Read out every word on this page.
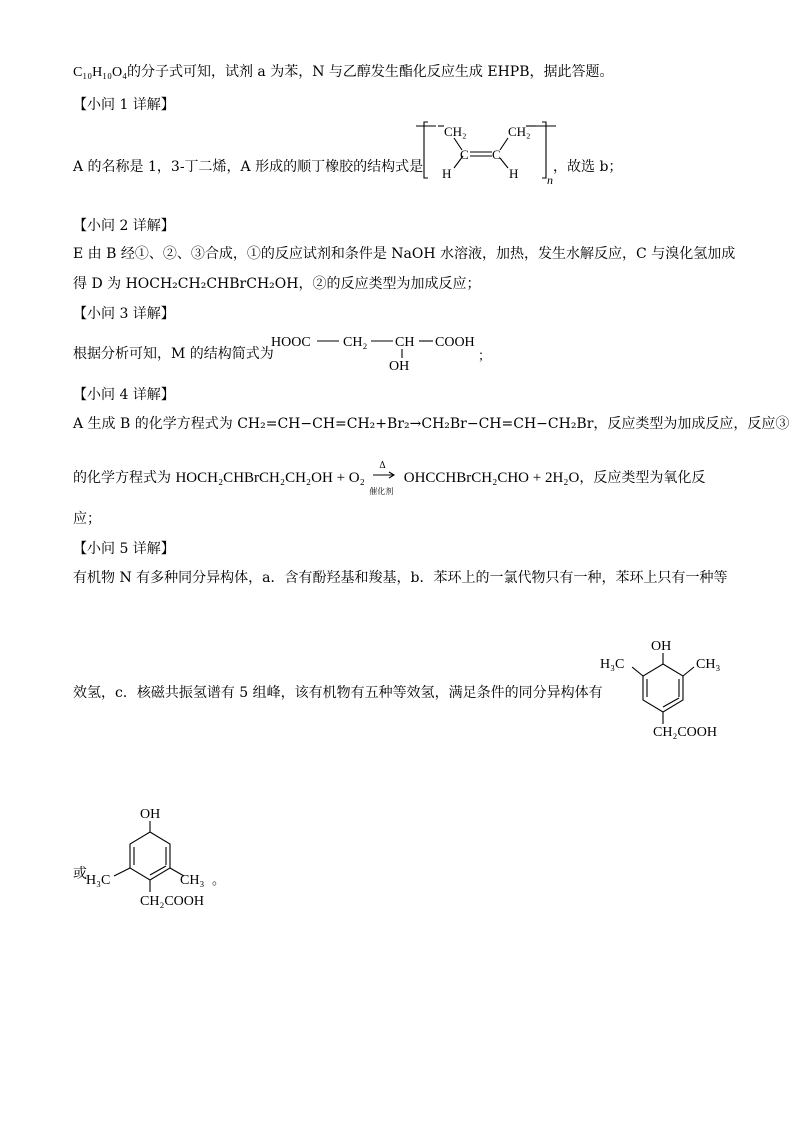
C₁₀H₁₀O₄的分子式可知，试剂 a 为苯，N 与乙醇发生酯化反应生成 EHPB，据此答题。
【小问 1 详解】
A 的名称是 1，3-丁二烯，A 形成的顺丁橡胶的结构式是	，故选 b；
CH₂	CH₂
C C
H	H n
【小问 2 详解】
E 由 B 经①、②、③合成，①的反应试剂和条件是 NaOH 水溶液，加热，发生水解反应，C 与溴化氢加成
得 D 为 HOCH₂CH₂CHBrCH₂OH，②的反应类型为加成反应；
【小问 3 详解】
根据分析可知，M 的结构简式为
HOOC CH₂ CH COOH
OH
；
【小问 4 详解】
A 生成 B 的化学方程式为 CH₂=CH−CH=CH₂+Br₂→CH₂Br−CH=CH−CH₂Br，反应类型为加成反应，反应③
的化学方程式为 HOCH₂CHBrCH₂CH₂OH + O₂
Δ
催化剂
OHCCHBrCH₂CHO + 2H₂O，反应类型为氧化反
应；
【小问 5 详解】
有机物 N 有多种同分异构体，a．含有酚羟基和羧基，b．苯环上的一氯代物只有一种，苯环上只有一种等
效氢，c．核磁共振氢谱有 5 组峰，该有机物有五种等效氢，满足条件的同分异构体有
OH
H₃C	CH₃
CH₂COOH
或
OH
H₃C	CH₃ 。
CH₂COOH
